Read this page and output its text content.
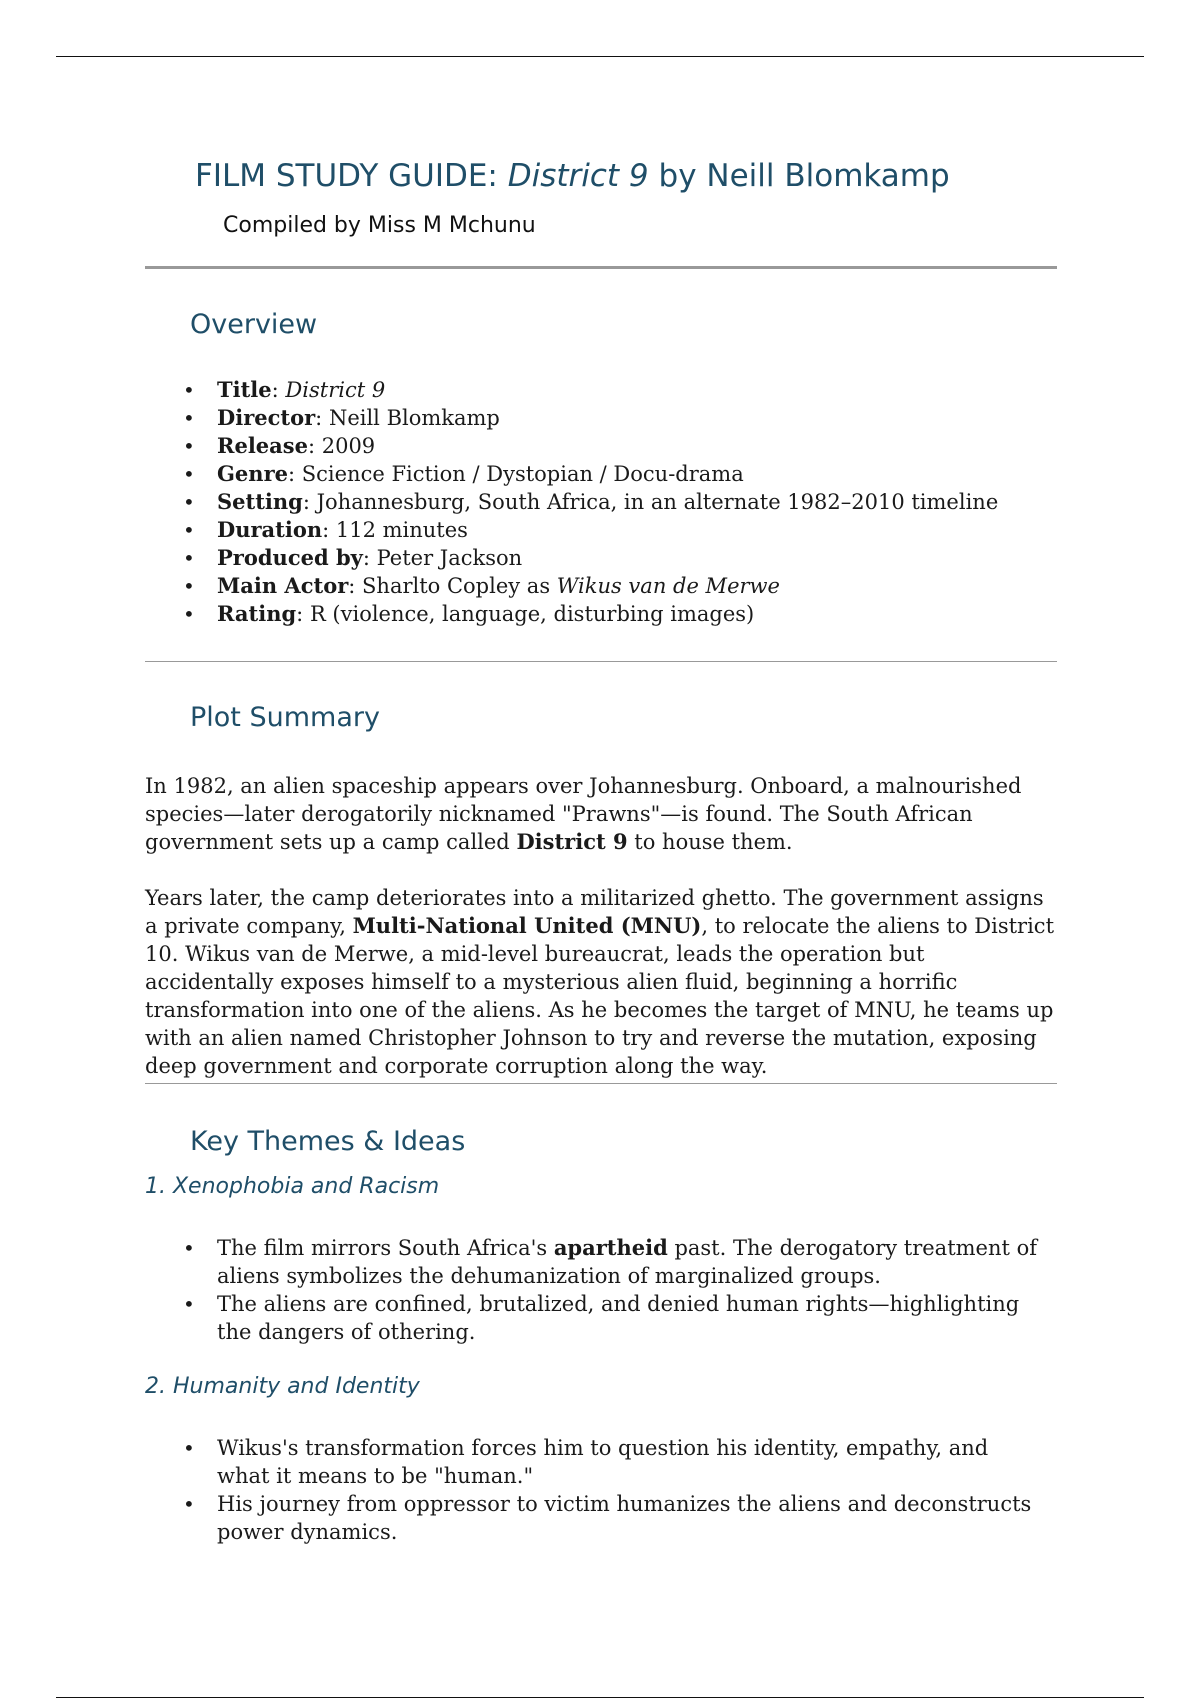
FILM STUDY GUIDE: District 9 by Neill Blomkamp
Compiled by Miss M Mchunu
Overview
• Title: District 9
• Director: Neill Blomkamp
• Release: 2009
• Genre: Science Fiction / Dystopian / Docu-drama
• Setting: Johannesburg, South Africa, in an alternate 1982–2010 timeline
• Duration: 112 minutes
• Produced by: Peter Jackson
• Main Actor: Sharlto Copley as Wikus van de Merwe
• Rating: R (violence, language, disturbing images)
Plot Summary

In 1982, an alien spaceship appears over Johannesburg. Onboard, a malnourished species—later derogatorily nicknamed "Prawns"—is found. The South African government sets up a camp called District 9 to house them.

Years later, the camp deteriorates into a militarized ghetto. The government assigns a private company, Multi-National United (MNU), to relocate the aliens to District 10. Wikus van de Merwe, a mid-level bureaucrat, leads the operation but accidentally exposes himself to a mysterious alien fluid, beginning a horrific transformation into one of the aliens. As he becomes the target of MNU, he teams up with an alien named Christopher Johnson to try and reverse the mutation, exposing deep government and corporate corruption along the way.

Key Themes & Ideas
1. Xenophobia and Racism
• The film mirrors South Africa's apartheid past. The derogatory treatment of aliens symbolizes the dehumanization of marginalized groups.
• The aliens are confined, brutalized, and denied human rights—highlighting the dangers of othering.
2. Humanity and Identity
• Wikus's transformation forces him to question his identity, empathy, and what it means to be "human."
• His journey from oppressor to victim humanizes the aliens and deconstructs power dynamics.
